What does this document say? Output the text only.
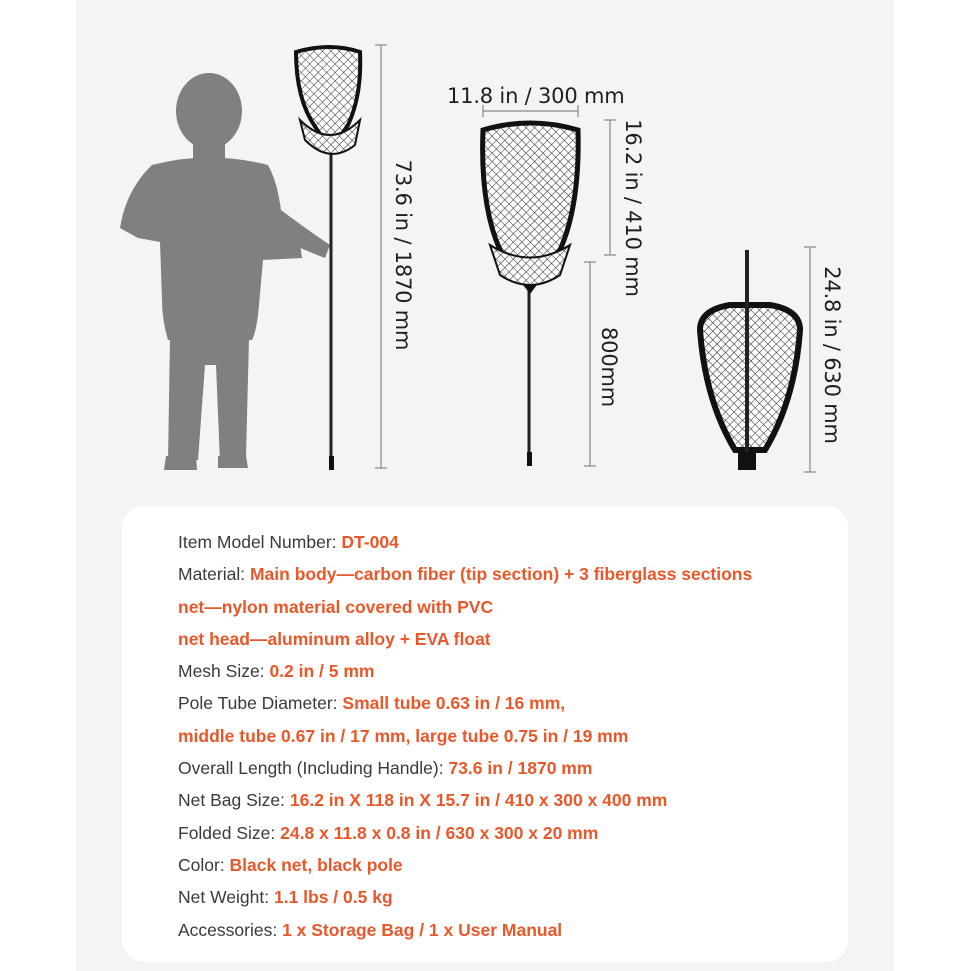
11.8 in / 300 mm
73.6 in / 1870 mm	16.2 in / 410 mm
800mm	24.8 in / 630 mm
Item Model Number: DT-004
Material: Main body—carbon fiber (tip section) + 3 fiberglass sections
net—nylon material covered with PVC
net head—aluminum alloy + EVA float
Mesh Size: 0.2 in / 5 mm
Pole Tube Diameter: Small tube 0.63 in / 16 mm,
middle tube 0.67 in / 17 mm, large tube 0.75 in / 19 mm
Overall Length (Including Handle): 73.6 in / 1870 mm
Net Bag Size: 16.2 in X 118 in X 15.7 in / 410 x 300 x 400 mm
Folded Size: 24.8 x 11.8 x 0.8 in / 630 x 300 x 20 mm
Color: Black net, black pole
Net Weight: 1.1 lbs / 0.5 kg
Accessories: 1 x Storage Bag / 1 x User Manual
